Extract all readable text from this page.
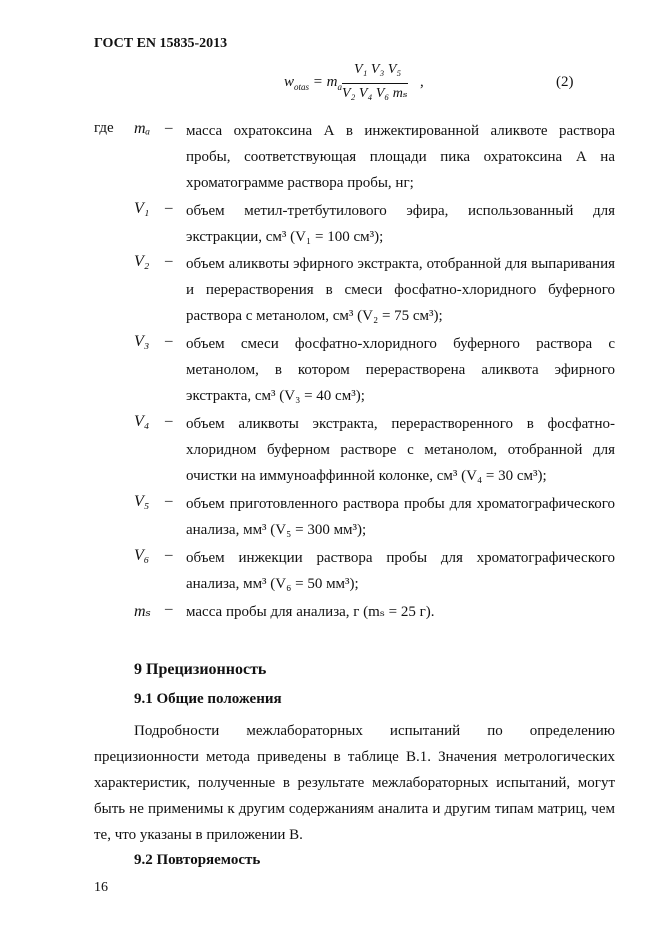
ГОСТ EN 15835-2013
$w_{otas} = m_a$
V₁ V₃ V₅
V₂ V₄ V₆ mₛ
,	(2)
где mₐ – масса охратоксина А в инжектированной аликвоте раствора пробы, соответствующая площади пика охратоксина А на хроматограмме раствора пробы, нг;
V₁ – объем метил-третбутилового эфира, использованный для экстракции, см³ (V₁ = 100 см³);
V₂ – объем аликвоты эфирного экстракта, отобранной для выпаривания и перерастворения в смеси фосфатно-хлоридного буферного раствора с метанолом, см³ (V₂ = 75 см³);
V₃ – объем смеси фосфатно-хлоридного буферного раствора с метанолом, в котором перерастворена аликвота эфирного экстракта, см³ (V₃ = 40 см³);
V₄ – объем аликвоты экстракта, перерастворенного в фосфатно-хлоридном буферном растворе с метанолом, отобранной для очистки на иммуноаффинной колонке, см³ (V₄ = 30 см³);
V₅ – объем приготовленного раствора пробы для хроматографического анализа, мм³ (V₅ = 300 мм³);
V₆ – объем инжекции раствора пробы для хроматографического анализа, мм³ (V₆ = 50 мм³);
mₛ – масса пробы для анализа, г (mₛ = 25 г).
9 Прецизионность
9.1 Общие положения
Подробности межлабораторных испытаний по определению прецизионности метода приведены в таблице В.1. Значения метрологических характеристик, полученные в результате межлабораторных испытаний, могут быть не применимы к другим содержаниям аналита и другим типам матриц, чем те, что указаны в приложении В.
9.2 Повторяемость
16
